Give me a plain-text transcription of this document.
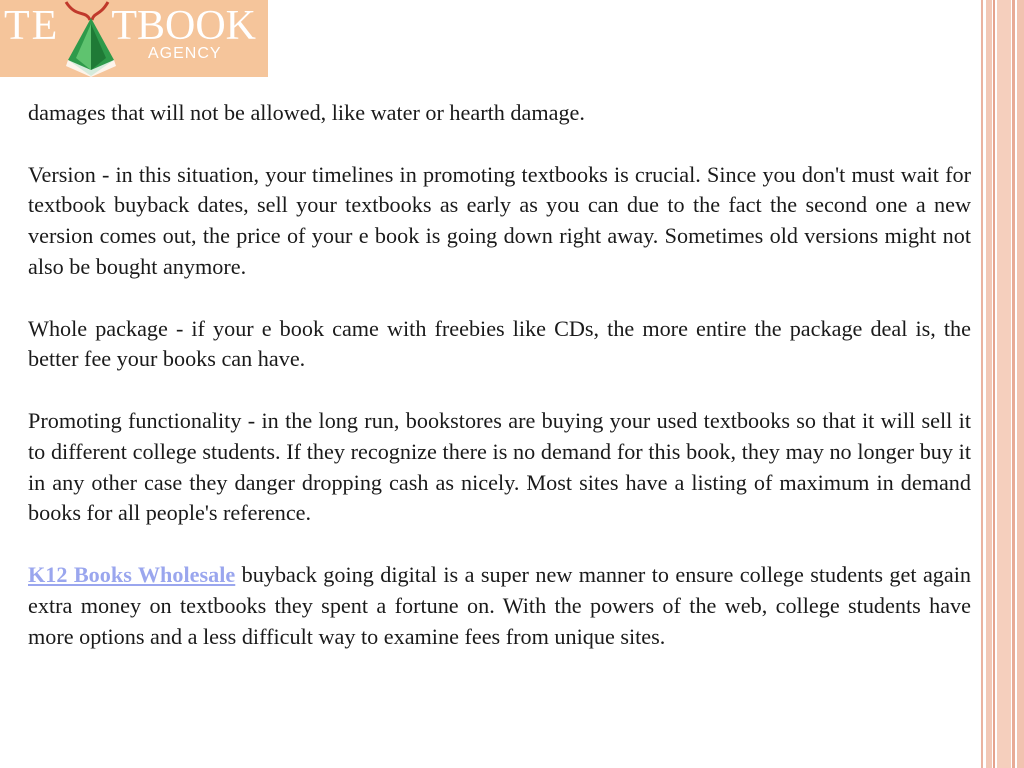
TE TBOOK
AGENCY

damages that will not be allowed, like water or hearth damage.

Version - in this situation, your timelines in promoting textbooks is crucial. Since you don't must wait for textbook buyback dates, sell your textbooks as early as you can due to the fact the second one a new version comes out, the price of your e book is going down right away. Sometimes old versions might not also be bought anymore.

Whole package - if your e book came with freebies like CDs, the more entire the package deal is, the better fee your books can have.

Promoting functionality - in the long run, bookstores are buying your used textbooks so that it will sell it to different college students. If they recognize there is no demand for this book, they may no longer buy it in any other case they danger dropping cash as nicely. Most sites have a listing of maximum in demand books for all people's reference.

K12 Books Wholesale buyback going digital is a super new manner to ensure college students get again extra money on textbooks they spent a fortune on. With the powers of the web, college students have more options and a less difficult way to examine fees from unique sites.
